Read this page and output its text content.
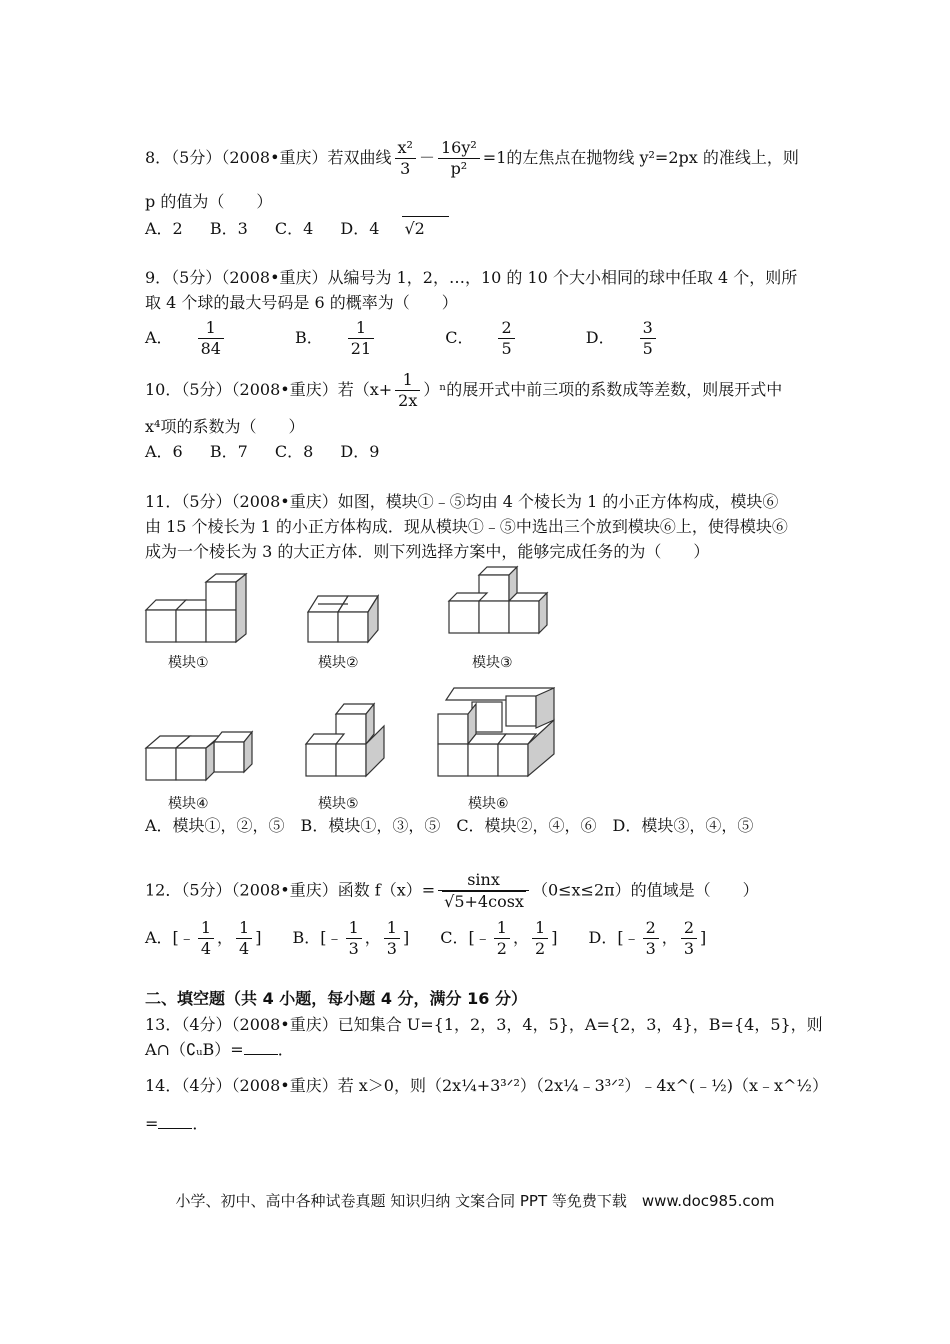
8．（5分）（2008•重庆）若双曲线 $\frac{\text{x²}}{3} - \frac{\text{16y²}}{\text{p²}} =1$的左焦点在抛物线 y²=2px 的准线上，则
p 的值为（　　）
A．2 B．3 C．4 D．4 √2
9．（5分）（2008•重庆）从编号为 1，2，…，10 的 10 个大小相同的球中任取 4 个，则所
取 4 个球的最大号码是 6 的概率为（　　）
A． $\frac{1}{84}$	B． $\frac{1}{21}$	C． $\frac{2}{5}$	D． $\frac{3}{5}$
10．（5分）（2008•重庆）若$(x+ \frac{1}{2x} )^n$的展开式中前三项的系数成等差数，则展开式中
x⁴项的系数为（　　）
A．6 B．7 C．8 D．9
11．（5分）（2008•重庆）如图，模块①﹣⑤均由 4 个棱长为 1 的小正方体构成，模块⑥
由 15 个棱长为 1 的小正方体构成．现从模块①﹣⑤中选出三个放到模块⑥上，使得模块⑥
成为一个棱长为 3 的大正方体．则下列选择方案中，能够完成任务的为（　　）
模块①	模块②	模块③
模块④	模块⑤	模块⑥
A．模块①，②，⑤　B．模块①，③，⑤　C．模块②，④，⑥　D．模块③，④，⑤
12．（5分）（2008•重庆）函数 $f(x)= \frac{\sin x}{√5+4\cos x} (0\le x\le 2\pi)$的值域是（　　）
A．[﹣ $\frac{1}{4}$ ， $\frac{1}{4}$ ] B．[﹣ $\frac{1}{3}$ ， $\frac{1}{3}$ ] C．[﹣ $\frac{1}{2}$ ， $\frac{1}{2}$ ] D．[﹣ $\frac{2}{3}$ ， $\frac{2}{3}$ ]
二、填空题（共 4 小题，每小题 4 分，满分 16 分）
13．（4分）（2008•重庆）已知集合 U={1，2，3，4，5}，A={2，3，4}，B={4，5}，则
A∩（∁ᵤB）= ．
14．（4分）（2008•重庆）若 x＞0，则（2x¼+3³ᐟ²）（2x¼﹣3³ᐟ²）﹣4x^(﹣½)（x﹣x^½）
= ．
小学、初中、高中各种试卷真题 知识归纳 文案合同 PPT 等免费下载　www.doc985.com
